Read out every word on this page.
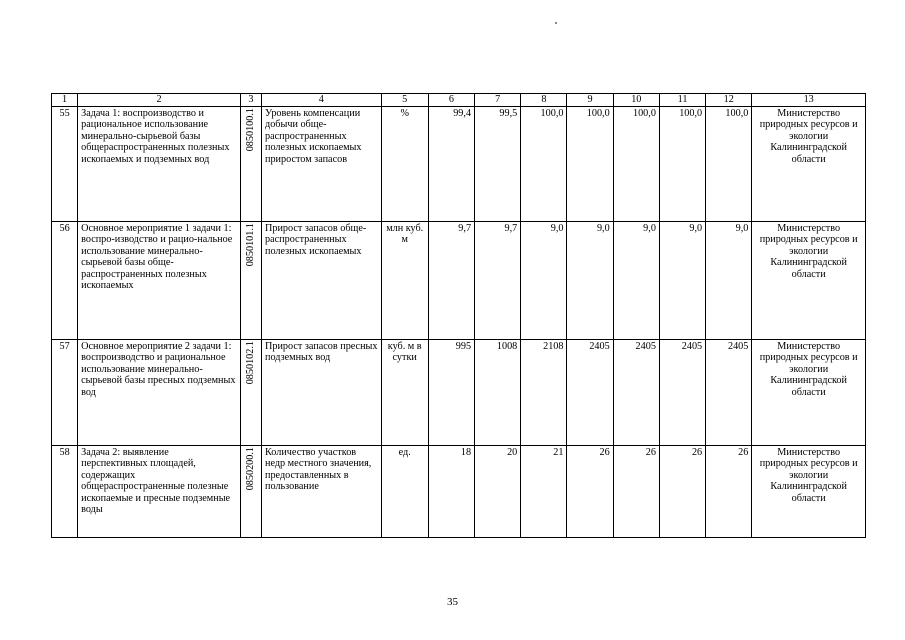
1	2	3	4	5	6	7	8	9	10	11	12	13
55	Задача 1: воспроизводство и рациональное использование минерально-сырьевой базы общераспространенных полезных ископаемых и подземных вод	0850100.1	Уровень компенсации добычи обще-распространенных полезных ископаемых приростом запасов	%	99,4	99,5	100,0	100,0	100,0	100,0	100,0	Министерство природных ресурсов и экологии Калининградской области
56	Основное мероприятие 1 задачи 1: воспро-изводство и рацио-нальное использование минерально-сырьевой базы обще-распространенных полезных ископаемых	0850101.1	Прирост запасов обще-распространенных полезных ископаемых	млн куб. м	9,7	9,7	9,0	9,0	9,0	9,0	9,0	Министерство природных ресурсов и экологии Калининградской области
57	Основное мероприятие 2 задачи 1: воспроизводство и рациональное использование минерально-сырьевой базы пресных подземных вод	0850102.1	Прирост запасов пресных подземных вод	куб. м в сутки	995	1008	2108	2405	2405	2405	2405	Министерство природных ресурсов и экологии Калининградской области
58	Задача 2: выявление перспективных площадей, содержащих общераспространенные полезные ископаемые и пресные подземные воды	0850200.1	Количество участков недр местного значения, предоставленных в пользование	ед.	18	20	21	26	26	26	26	Министерство природных ресурсов и экологии Калининградской области
35
